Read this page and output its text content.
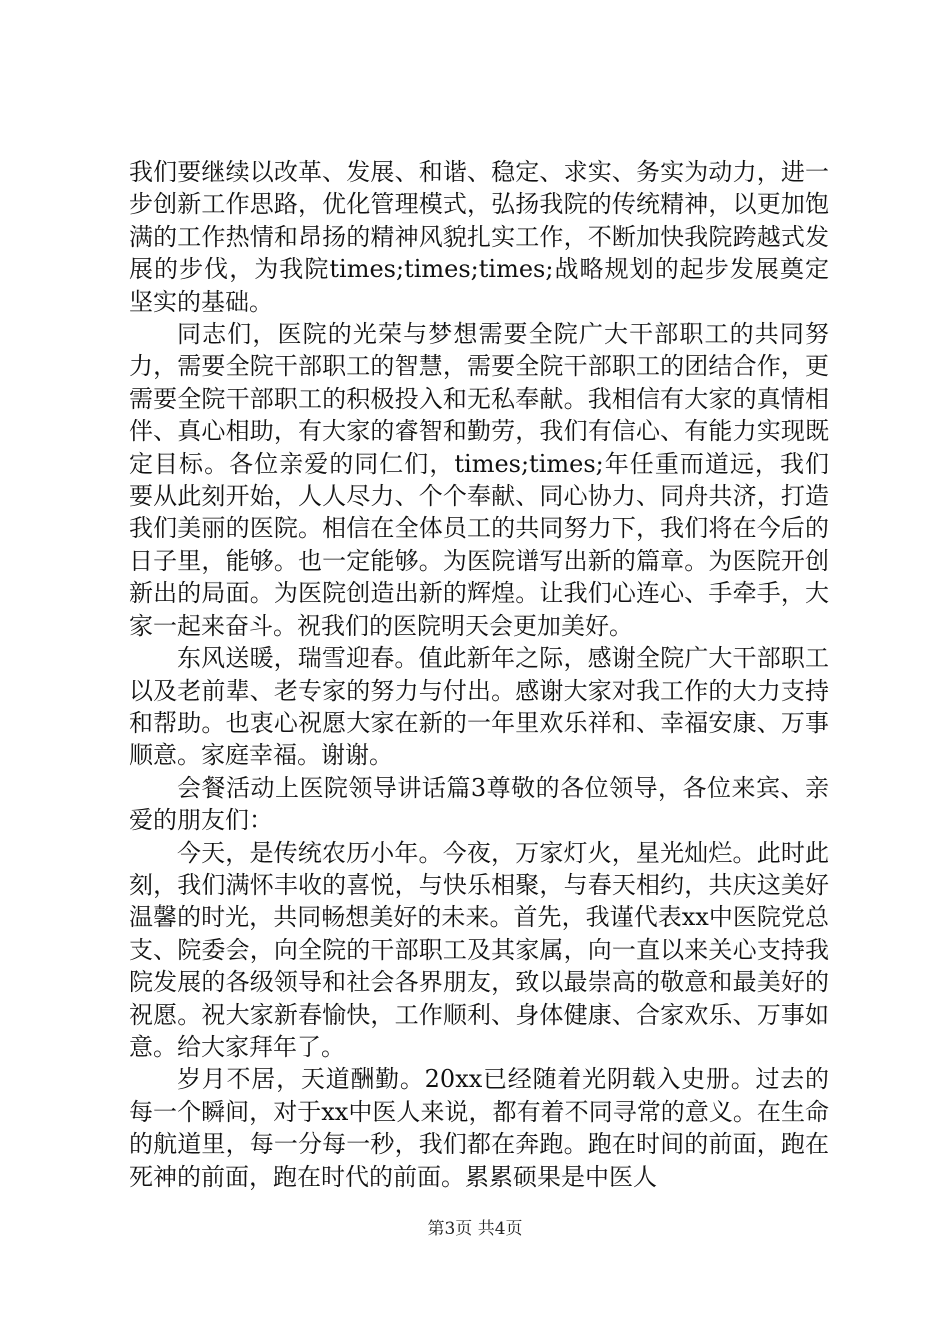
我们要继续以改革、发展、和谐、稳定、求实、务实为动力，进一步创新工作思路，优化管理模式，弘扬我院的传统精神，以更加饱满的工作热情和昂扬的精神风貌扎实工作，不断加快我院跨越式发展的步伐，为我院times;times;times;战略规划的起步发展奠定坚实的基础。

同志们，医院的光荣与梦想需要全院广大干部职工的共同努力，需要全院干部职工的智慧，需要全院干部职工的团结合作，更需要全院干部职工的积极投入和无私奉献。我相信有大家的真情相伴、真心相助，有大家的睿智和勤劳，我们有信心、有能力实现既定目标。各位亲爱的同仁们，times;times;年任重而道远，我们要从此刻开始，人人尽力、个个奉献、同心协力、同舟共济，打造我们美丽的医院。相信在全体员工的共同努力下，我们将在今后的日子里，能够。也一定能够。为医院谱写出新的篇章。为医院开创新出的局面。为医院创造出新的辉煌。让我们心连心、手牵手，大家一起来奋斗。祝我们的医院明天会更加美好。

东风送暖，瑞雪迎春。值此新年之际，感谢全院广大干部职工以及老前辈、老专家的努力与付出。感谢大家对我工作的大力支持和帮助。也衷心祝愿大家在新的一年里欢乐祥和、幸福安康、万事顺意。家庭幸福。谢谢。

会餐活动上医院领导讲话篇3尊敬的各位领导，各位来宾、亲爱的朋友们：

今天，是传统农历小年。今夜，万家灯火，星光灿烂。此时此刻，我们满怀丰收的喜悦，与快乐相聚，与春天相约，共庆这美好温馨的时光，共同畅想美好的未来。首先，我谨代表xx中医院党总支、院委会，向全院的干部职工及其家属，向一直以来关心支持我院发展的各级领导和社会各界朋友，致以最崇高的敬意和最美好的祝愿。祝大家新春愉快，工作顺利、身体健康、合家欢乐、万事如意。给大家拜年了。

岁月不居，天道酬勤。20xx已经随着光阴载入史册。过去的每一个瞬间，对于xx中医人来说，都有着不同寻常的意义。在生命的航道里，每一分每一秒，我们都在奔跑。跑在时间的前面，跑在死神的前面，跑在时代的前面。累累硕果是中医人

第3页 共4页
